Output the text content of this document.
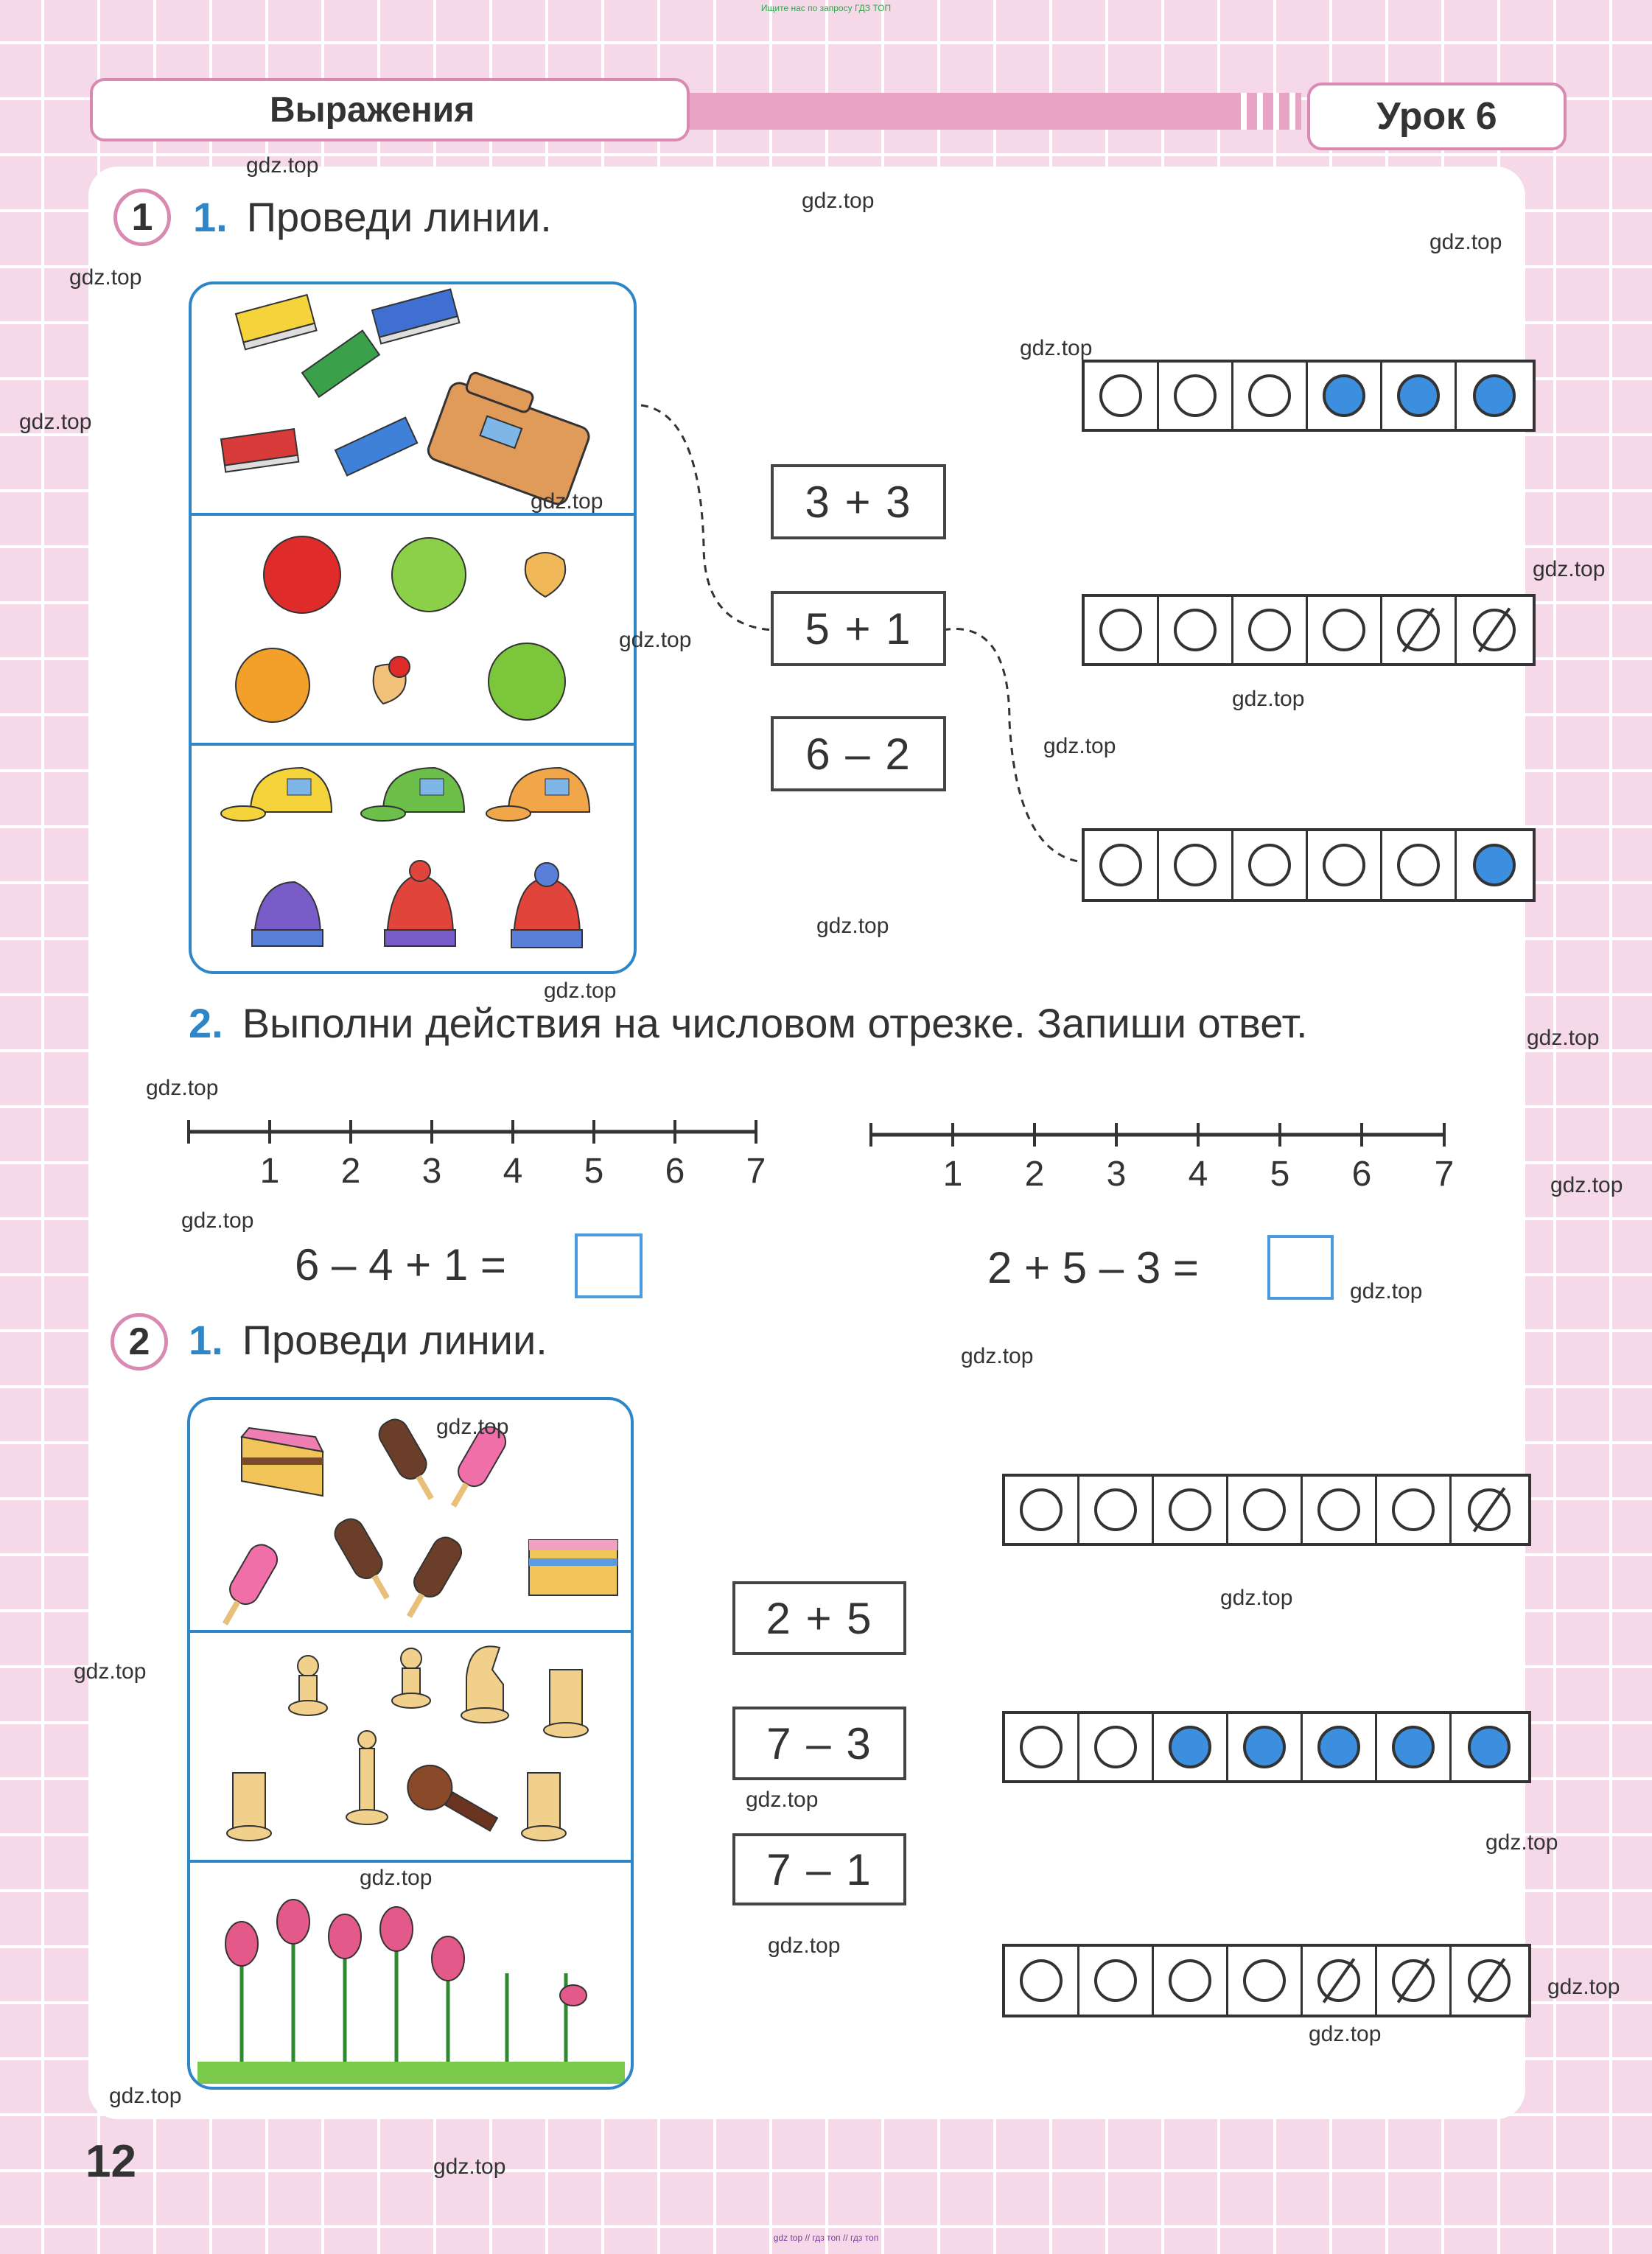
Ищите нас по запросу ГДЗ ТОП
Выражения	Урок 6
1 1. Проведи линии.
3 + 3
5 + 1
6 – 2
2. Выполни действия на числовом отрезке. Запиши ответ.
1 2 3 4 5 6 7	1 2 3 4 5 6 7
6 – 4 + 1 =	2 + 5 – 3 =
2 1. Проведи линии.
2 + 5
7 – 3
7 – 1
gdz.top
gdz.top
gdz.top
gdz.top
gdz.top
gdz.top
gdz.top
gdz.top
gdz.top
gdz.top
gdz.top
gdz.top
gdz.top
gdz.top
gdz.top
gdz.top
gdz.top
gdz.top
gdz.top
gdz.top
gdz.top
gdz.top
gdz.top
gdz.top
gdz.top
gdz.top
gdz.top
gdz.top
gdz.top
gdz.top
12
gdz top // гдз топ // гдз топ
